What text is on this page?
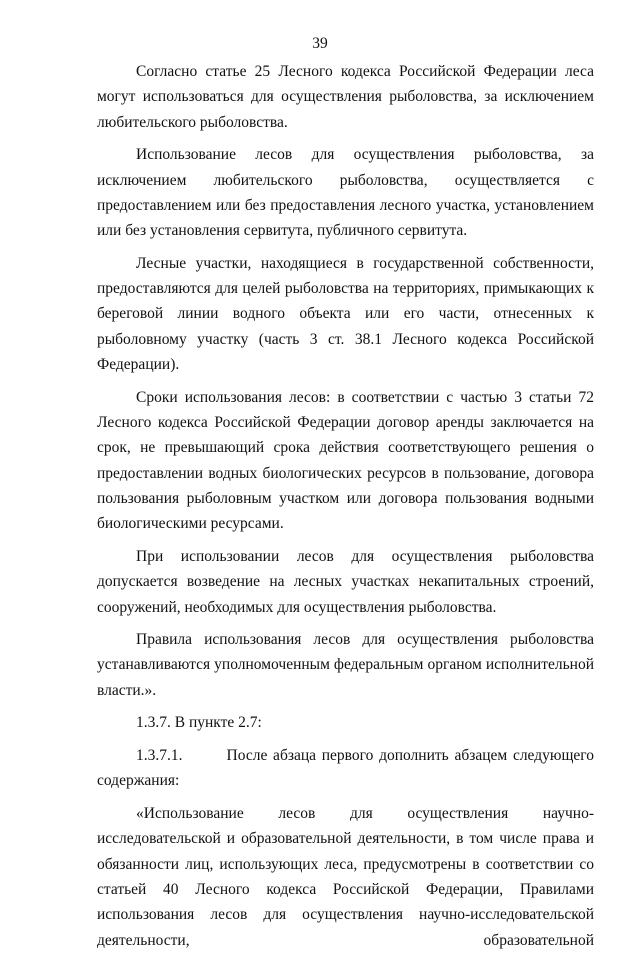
39

Согласно статье 25 Лесного кодекса Российской Федерации леса могут использоваться для осуществления рыболовства, за исключением любительского рыболовства.

Использование лесов для осуществления рыболовства, за исключением любительского рыболовства, осуществляется с предоставлением или без предоставления лесного участка, установлением или без установления сервитута, публичного сервитута.

Лесные участки, находящиеся в государственной собственности, предоставляются для целей рыболовства на территориях, примыкающих к береговой линии водного объекта или его части, отнесенных к рыболовному участку (часть 3 ст. 38.1 Лесного кодекса Российской Федерации).

Сроки использования лесов: в соответствии с частью 3 статьи 72 Лесного кодекса Российской Федерации договор аренды заключается на срок, не превышающий срока действия соответствующего решения о предоставлении водных биологических ресурсов в пользование, договора пользования рыболовным участком или договора пользования водными биологическими ресурсами.

При использовании лесов для осуществления рыболовства допускается возведение на лесных участках некапитальных строений, сооружений, необходимых для осуществления рыболовства.

Правила использования лесов для осуществления рыболовства устанавливаются уполномоченным федеральным органом исполнительной власти.».

1.3.7. В пункте 2.7:

1.3.7.1.	После абзаца первого дополнить абзацем следующего содержания:

«Использование лесов для осуществления научно-исследовательской и образовательной деятельности, в том числе права и обязанности лиц, использующих леса, предусмотрены в соответствии со статьей 40 Лесного кодекса Российской Федерации, Правилами использования лесов для осуществления научно-исследовательской деятельности, образовательной
